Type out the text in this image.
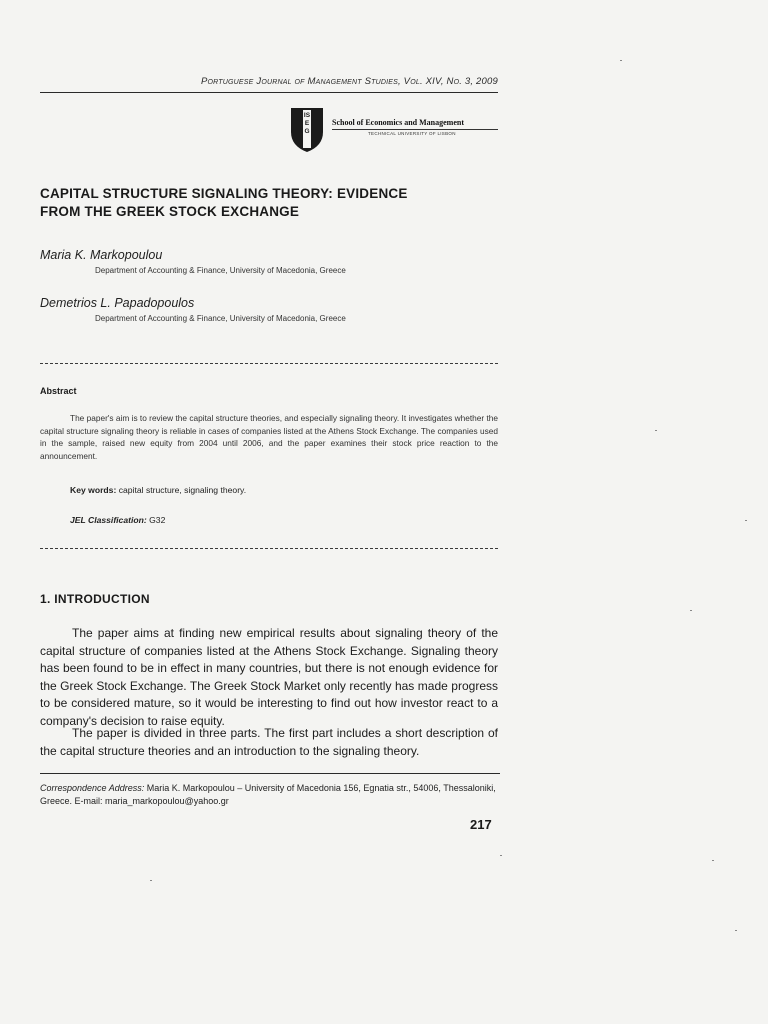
Portuguese Journal of Management Studies, Vol. XIV, No. 3, 2009
ISEG
School of Economics and Management
TECHNICAL UNIVERSITY OF LISBON
CAPITAL STRUCTURE SIGNALING THEORY: EVIDENCE
FROM THE GREEK STOCK EXCHANGE
Maria K. Markopoulou
Department of Accounting & Finance, University of Macedonia, Greece
Demetrios L. Papadopoulos
Department of Accounting & Finance, University of Macedonia, Greece
Abstract
The paper's aim is to review the capital structure theories, and especially signaling theory. It investigates whether the capital structure signaling theory is reliable in cases of companies listed at the Athens Stock Exchange. The companies used in the sample, raised new equity from 2004 until 2006, and the paper examines their stock price reaction to the announcement.
Key words: capital structure, signaling theory.
JEL Classification: G32
1. INTRODUCTION
The paper aims at finding new empirical results about signaling theory of the capital structure of companies listed at the Athens Stock Exchange. Signaling theory has been found to be in effect in many countries, but there is not enough evidence for the Greek Stock Exchange. The Greek Stock Market only recently has made progress to be considered mature, so it would be interesting to find out how investor react to a company's decision to raise equity.
The paper is divided in three parts. The first part includes a short description of the capital structure theories and an introduction to the signaling theory.
Correspondence Address: Maria K. Markopoulou – University of Macedonia 156, Egnatia str., 54006, Thessaloniki, Greece. E-mail: maria_markopoulou@yahoo.gr
217
